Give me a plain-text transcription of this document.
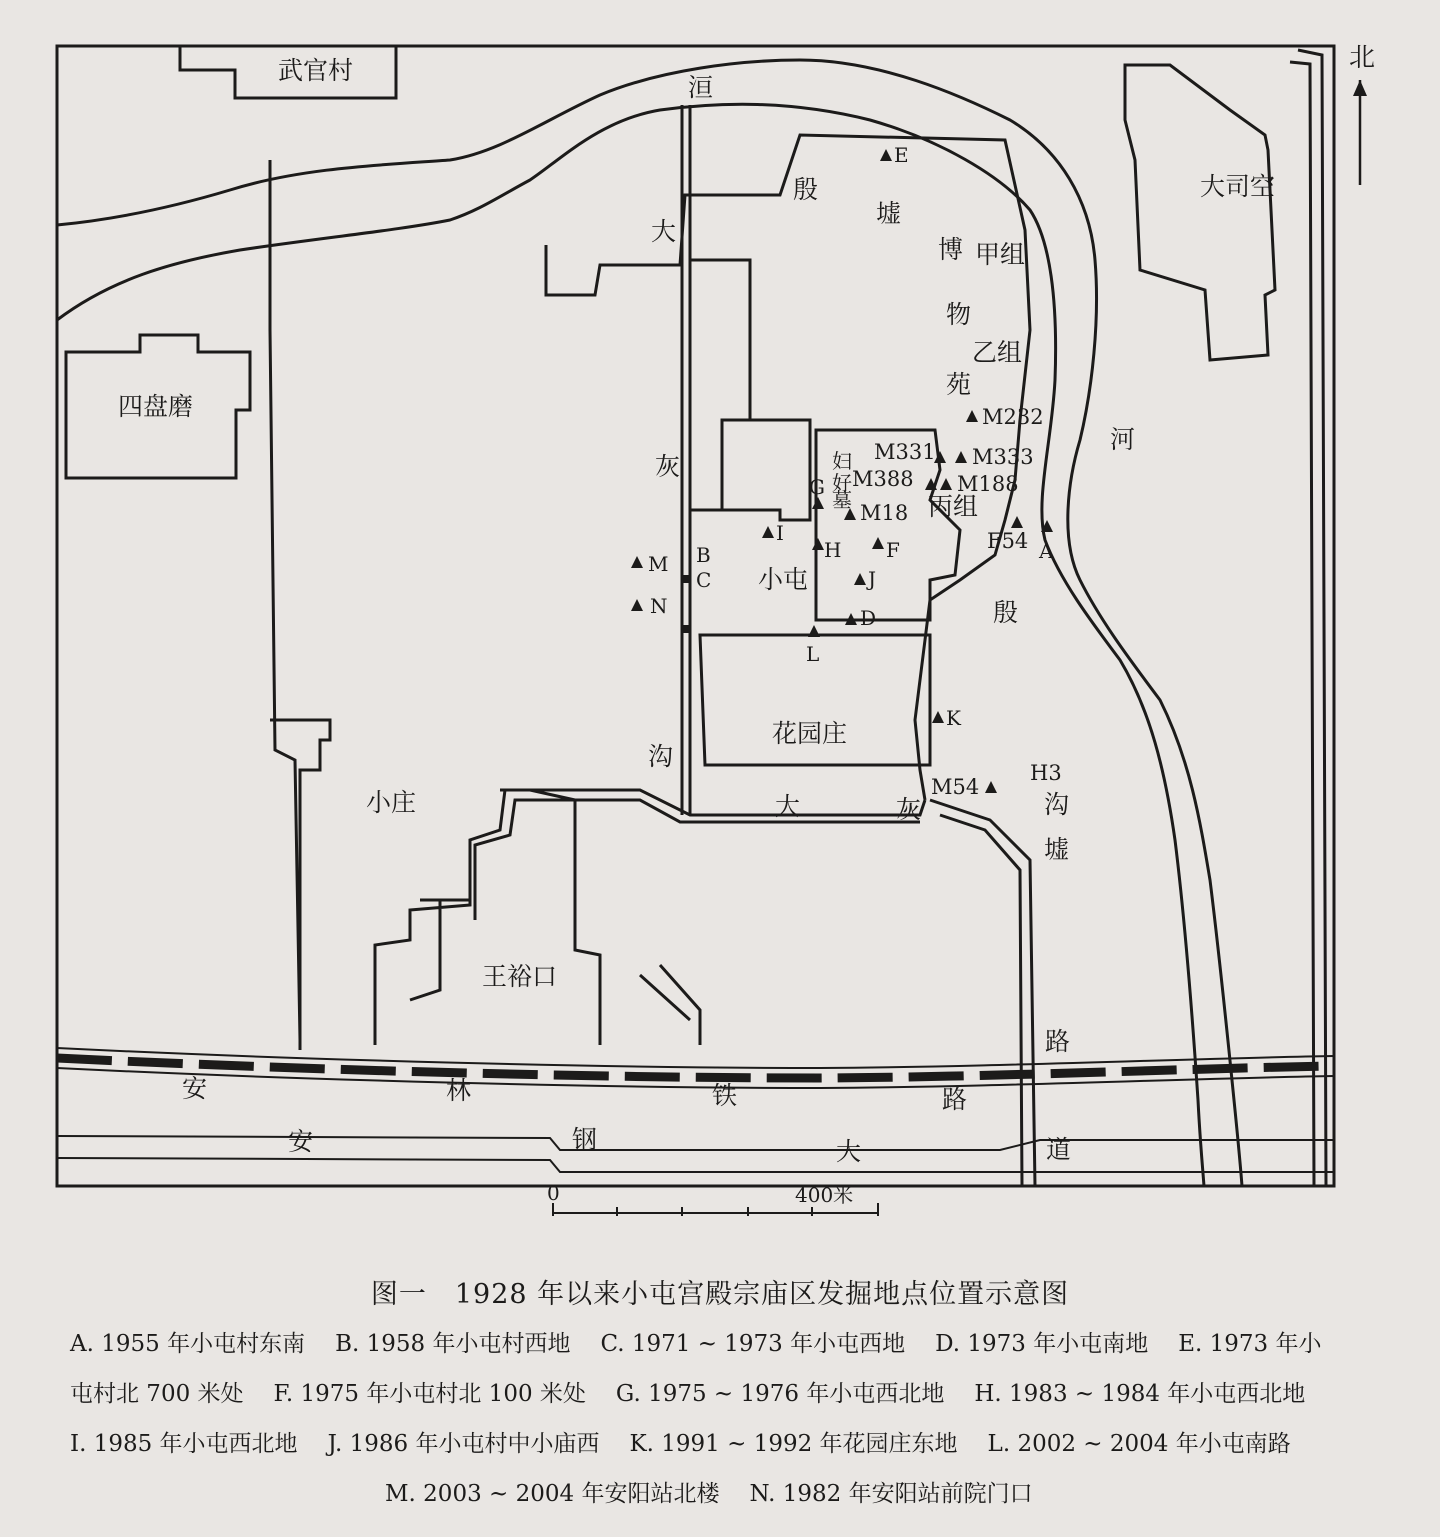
北
武官村
洹
河
殷
墟
博
物
苑
大
灰
沟
甲组
乙组
丙组
大司空
四盘磨
小屯
殷
妇
好
墓
花园庄
小庄
王裕口
大	灰	沟
墟
路
安	林	铁	路
安	钢	大	道
E
M232
M331 M333
M388 M188
G
M18
F54 A
I
H F
B
M
C	J
N	D
L
K
H3
M54
0	400米
图一　1928 年以来小屯宫殿宗庙区发掘地点位置示意图
A. 1955 年小屯村东南 B. 1958 年小屯村西地 C. 1971 ~ 1973 年小屯西地 D. 1973 年小屯南地 E. 1973 年小
屯村北 700 米处 F. 1975 年小屯村北 100 米处 G. 1975 ~ 1976 年小屯西北地 H. 1983 ~ 1984 年小屯西北地
I. 1985 年小屯西北地 J. 1986 年小屯村中小庙西 K. 1991 ~ 1992 年花园庄东地 L. 2002 ~ 2004 年小屯南路
M. 2003 ~ 2004 年安阳站北楼 N. 1982 年安阳站前院门口
